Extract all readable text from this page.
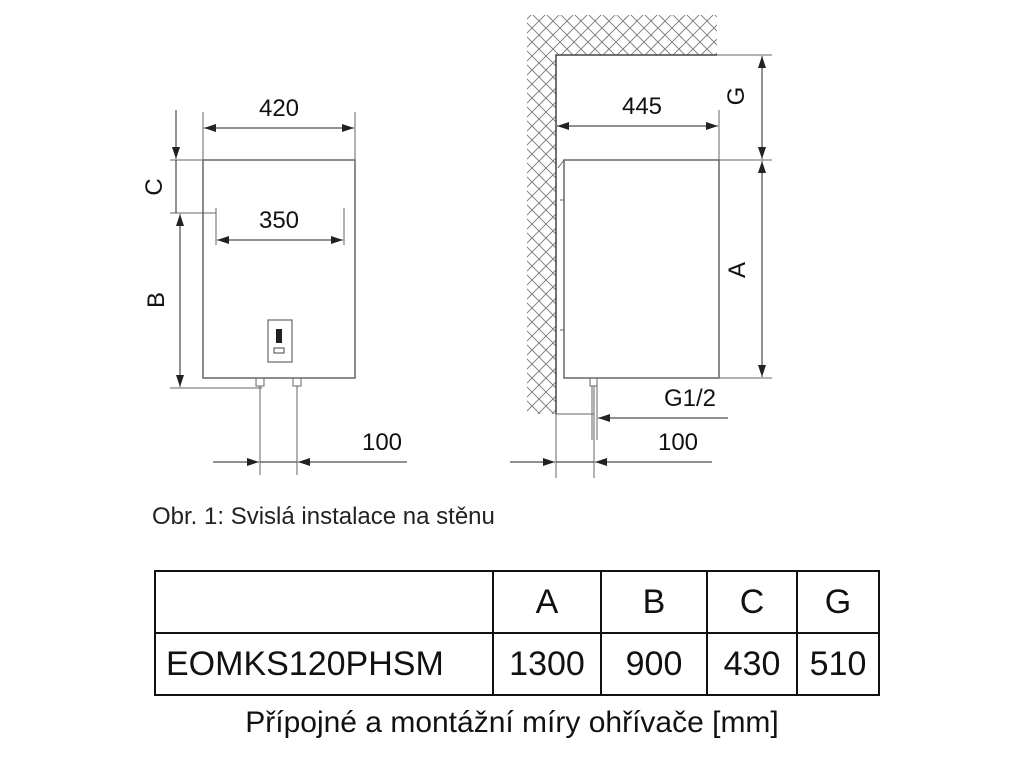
420
350
C
B
100
445	G
A
G1/2
100
Obr. 1: Svislá instalace na stěnu
	A	B	C	G
EOMKS120PHSM	1300	900	430	510
Přípojné a montážní míry ohřívače [mm]
